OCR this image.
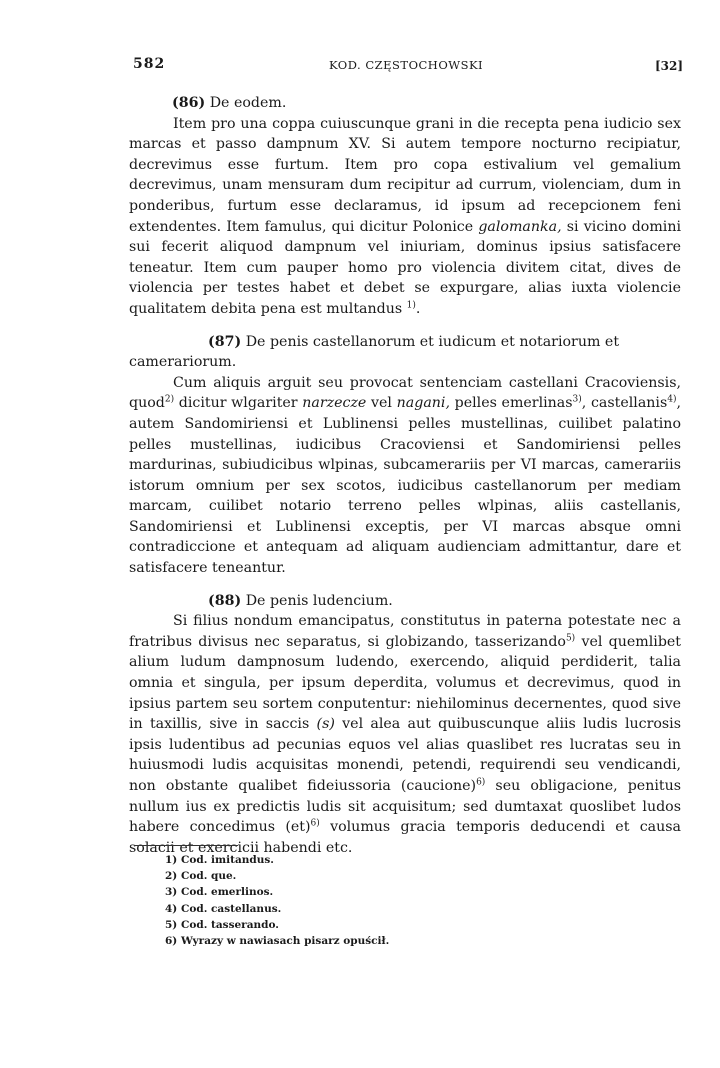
582	KOD. CZĘSTOCHOWSKI	[32]

(86) De eodem.

Item pro una coppa cuiuscunque grani in die recepta pena iudicio sex marcas et passo dampnum XV. Si autem tempore nocturno recipiatur, decrevimus esse furtum. Item pro copa estivalium vel gemalium decrevimus, unam mensuram dum recipitur ad currum, violenciam, dum in ponderibus, furtum esse declaramus, id ipsum ad recepcionem feni extendentes. Item famulus, qui dicitur Polonice galomanka, si vicino domini sui fecerit aliquod dampnum vel iniuriam, dominus ipsius satisfacere teneatur. Item cum pauper homo pro violencia divitem citat, dives de violencia per testes habet et debet se expurgare, alias iuxta violencie qualitatem debita pena est multandus $^{1)}$.

(87) De penis castellanorum et iudicum et notariorum et camerariorum.

Cum aliquis arguit seu provocat sentenciam castellani Cracoviensis, quod$^{2)}$ dicitur wlgariter narzecze vel nagani, pelles emerlinas$^{3)}$, castellanis$^{4)}$, autem Sandomiriensi et Lublinensi pelles mustellinas, cuilibet palatino pelles mustellinas, iudicibus Cracoviensi et Sandomiriensi pelles mardurinas, subiudicibus wlpinas, subcamerariis per VI marcas, camerariis istorum omnium per sex scotos, iudicibus castellanorum per mediam marcam, cuilibet notario terreno pelles wlpinas, aliis castellanis, Sandomiriensi et Lublinensi exceptis, per VI marcas absque omni contradiccione et antequam ad aliquam audienciam admittantur, dare et satisfacere teneantur.

(88) De penis ludencium.

Si filius nondum emancipatus, constitutus in paterna potestate nec a fratribus divisus nec separatus, si globizando, tasserizando$^{5)}$ vel quemlibet alium ludum dampnosum ludendo, exercendo, aliquid perdiderit, talia omnia et singula, per ipsum deperdita, volumus et decrevimus, quod in ipsius partem seu sortem conputentur: niehilominus decernentes, quod sive in taxillis, sive in saccis (s) vel alea aut quibuscunque aliis ludis lucrosis ipsis ludentibus ad pecunias equos vel alias quaslibet res lucratas seu in huiusmodi ludis acquisitas monendi, petendi, requirendi seu vendicandi, non obstante qualibet fideiussoria (caucione)$^{6)}$ seu obligacione, penitus nullum ius ex predictis ludis sit acquisitum; sed dumtaxat quoslibet ludos habere concedimus (et)$^{6)}$ volumus gracia temporis deducendi et causa solacii et exercicii habendi etc.

1) Cod. imitandus.
2) Cod. que.
3) Cod. emerlinos.
4) Cod. castellanus.
5) Cod. tasserando.
6) Wyrazy w nawiasach pisarz opuścił.
